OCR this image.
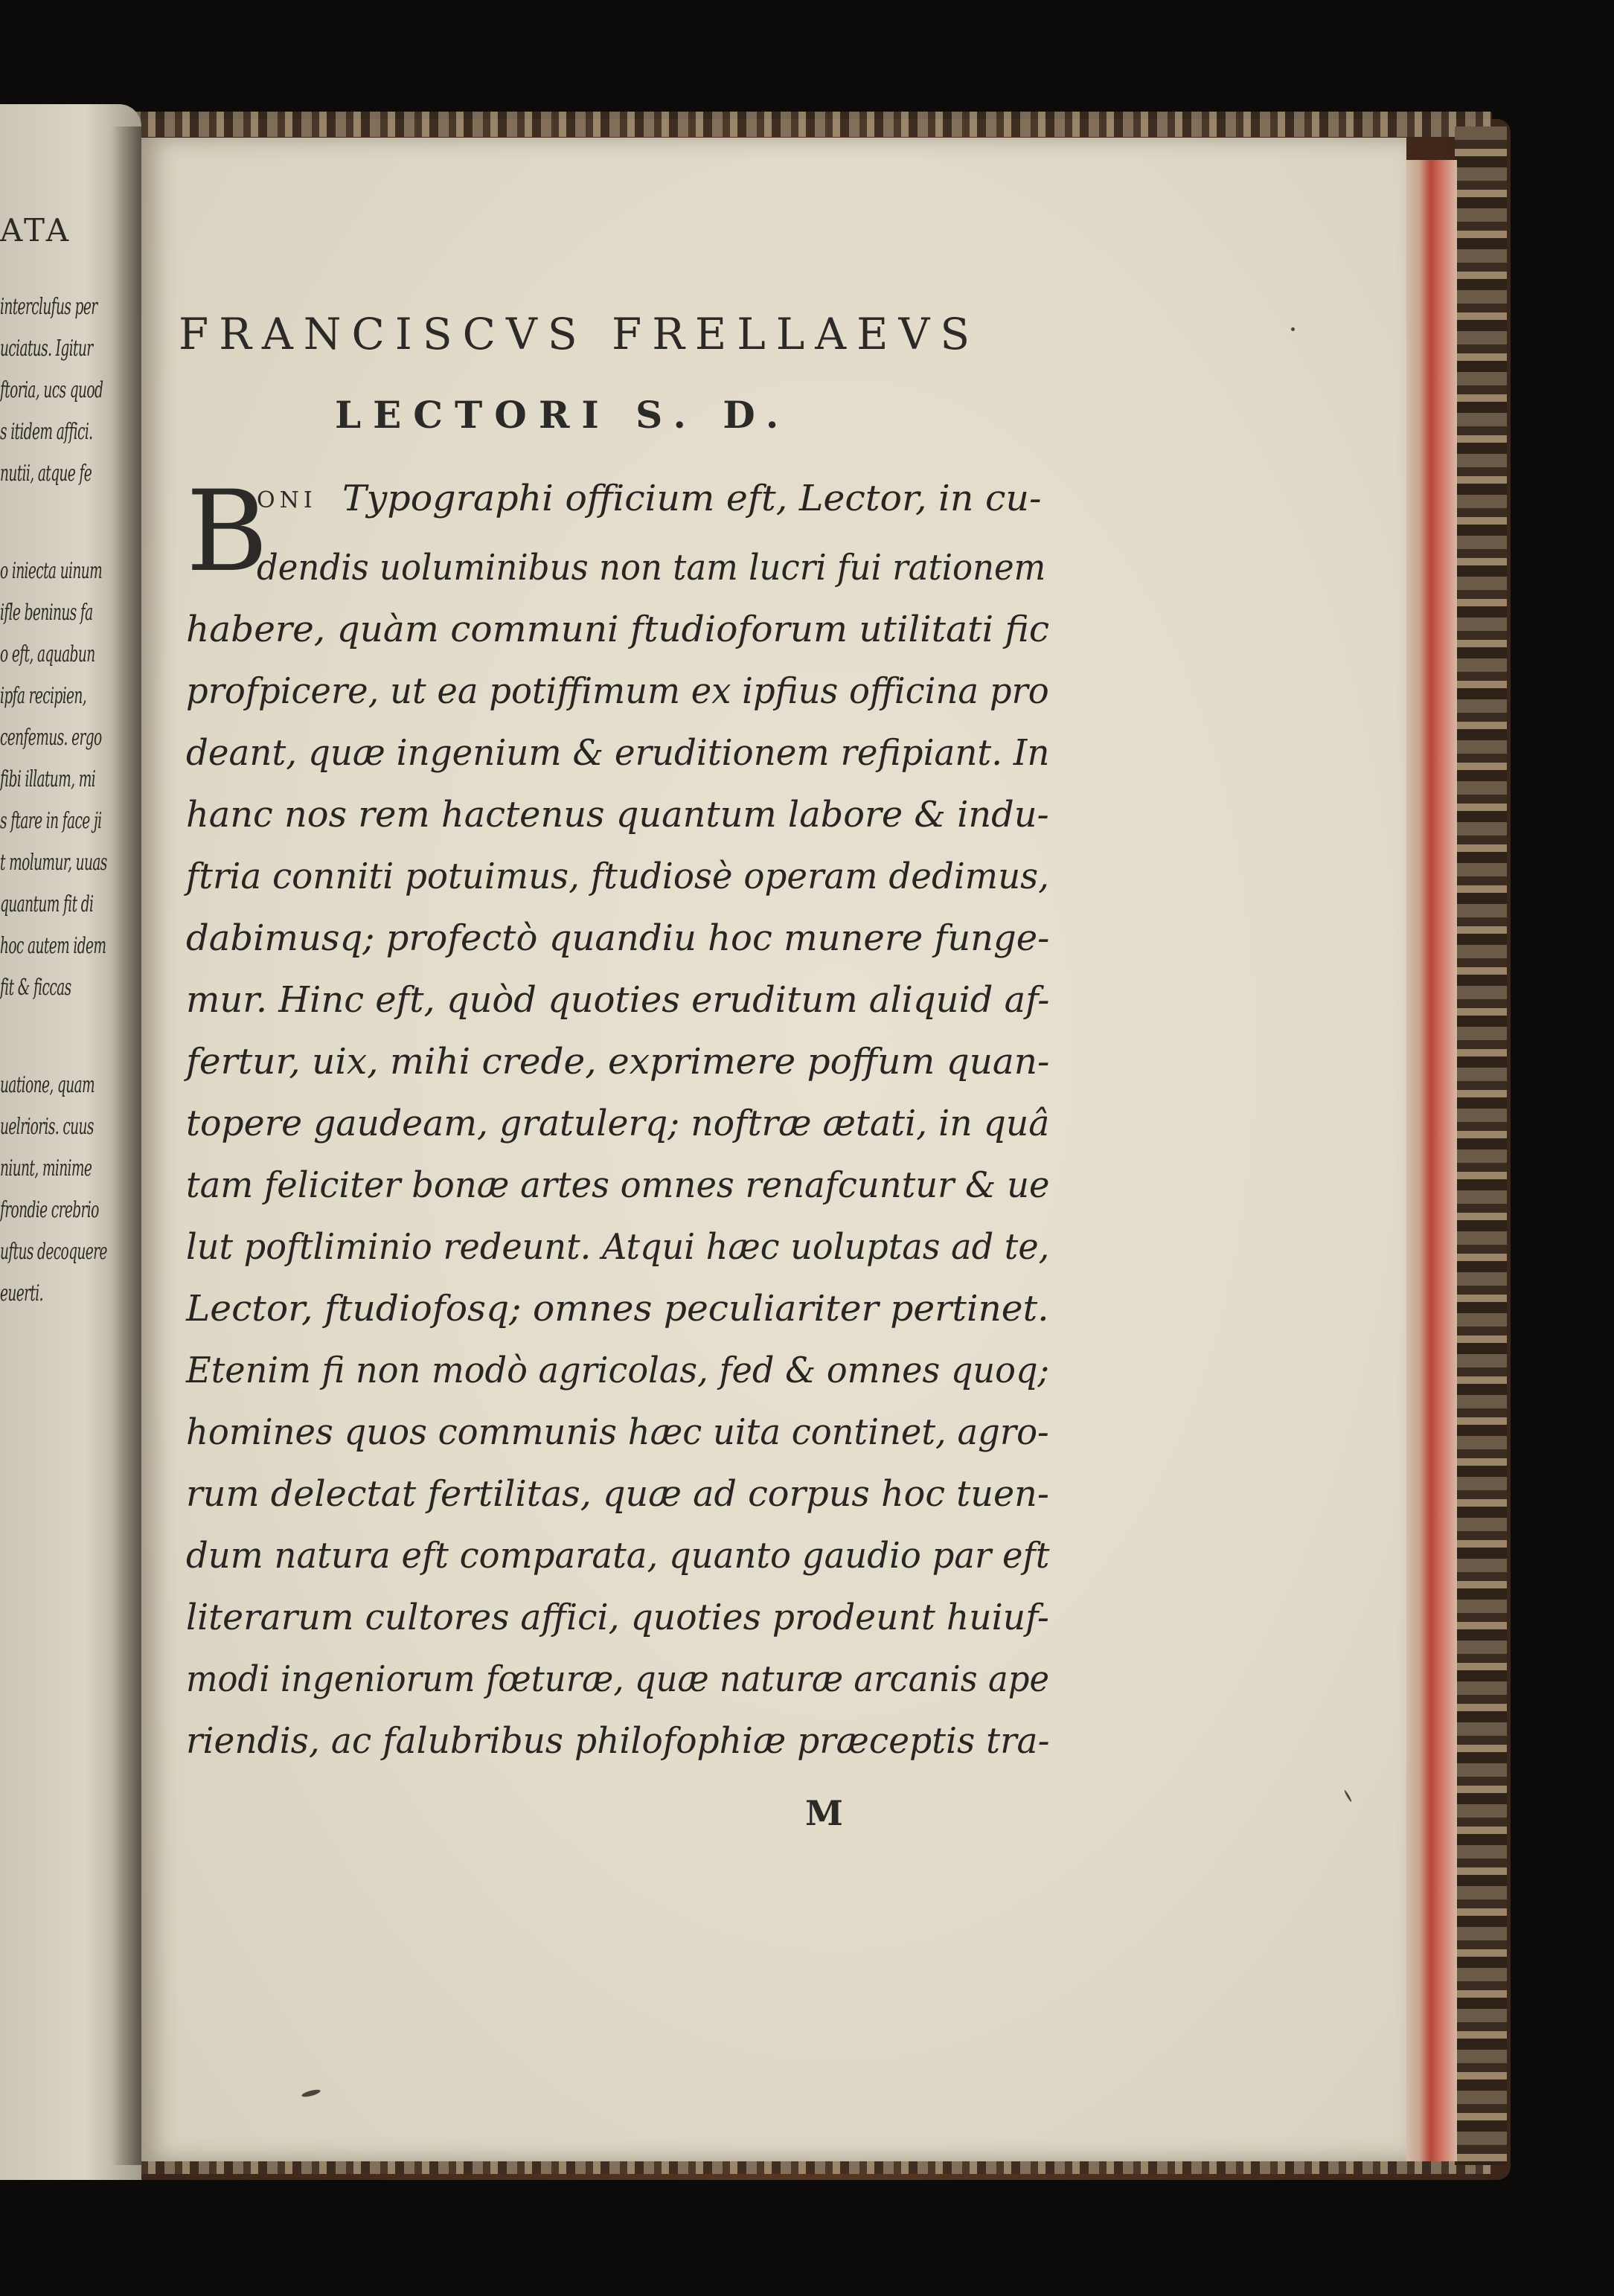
ATA
interclufus per
uciatus. Igitur
ftoria, ucs quod
s itidem affici.
nutii, atque fe
o iniecta uinum
ifle beninus fa
o eft, aquabun
ipfa recipien,
cenfemus. ergo
fibi illatum, mi
s ftare in face ji
t molumur, uuas
quantum fit di
hoc autem idem
fit & ficcas
uatione, quam
uelrioris. cuus
niunt, minime
frondie crebrio
uftus decoquere
euerti.
FRANCISCVS FRELLAEVS
LECTORI S. D.
B
ONI Typographi officium eft, Lector, in cu-
dendis uoluminibus non tam lucri fui rationem
habere, quàm communi ftudioforum utilitati fic
profpicere, ut ea potiffimum ex ipfius officina pro
deant, quæ ingenium & eruditionem refipiant. In
hanc nos rem hactenus quantum labore & indu-
ftria conniti potuimus, ftudiosè operam dedimus,
dabimusq; profectò quandiu hoc munere funge-
mur. Hinc eft, quòd quoties eruditum aliquid af-
fertur, uix, mihi crede, exprimere poffum quan-
topere gaudeam, gratulerq; noftræ ætati, in quâ
tam feliciter bonæ artes omnes renafcuntur & ue
lut poftliminio redeunt. Atqui hæc uoluptas ad te,
Lector, ftudiofosq; omnes peculiariter pertinet.
Etenim fi non modò agricolas, fed & omnes quoq;
homines quos communis hæc uita continet, agro-
rum delectat fertilitas, quæ ad corpus hoc tuen-
dum natura eft comparata, quanto gaudio par eft
literarum cultores affici, quoties prodeunt huiuf-
modi ingeniorum fœturæ, quæ naturæ arcanis ape
riendis, ac falubribus philofophiæ præceptis tra-
M
